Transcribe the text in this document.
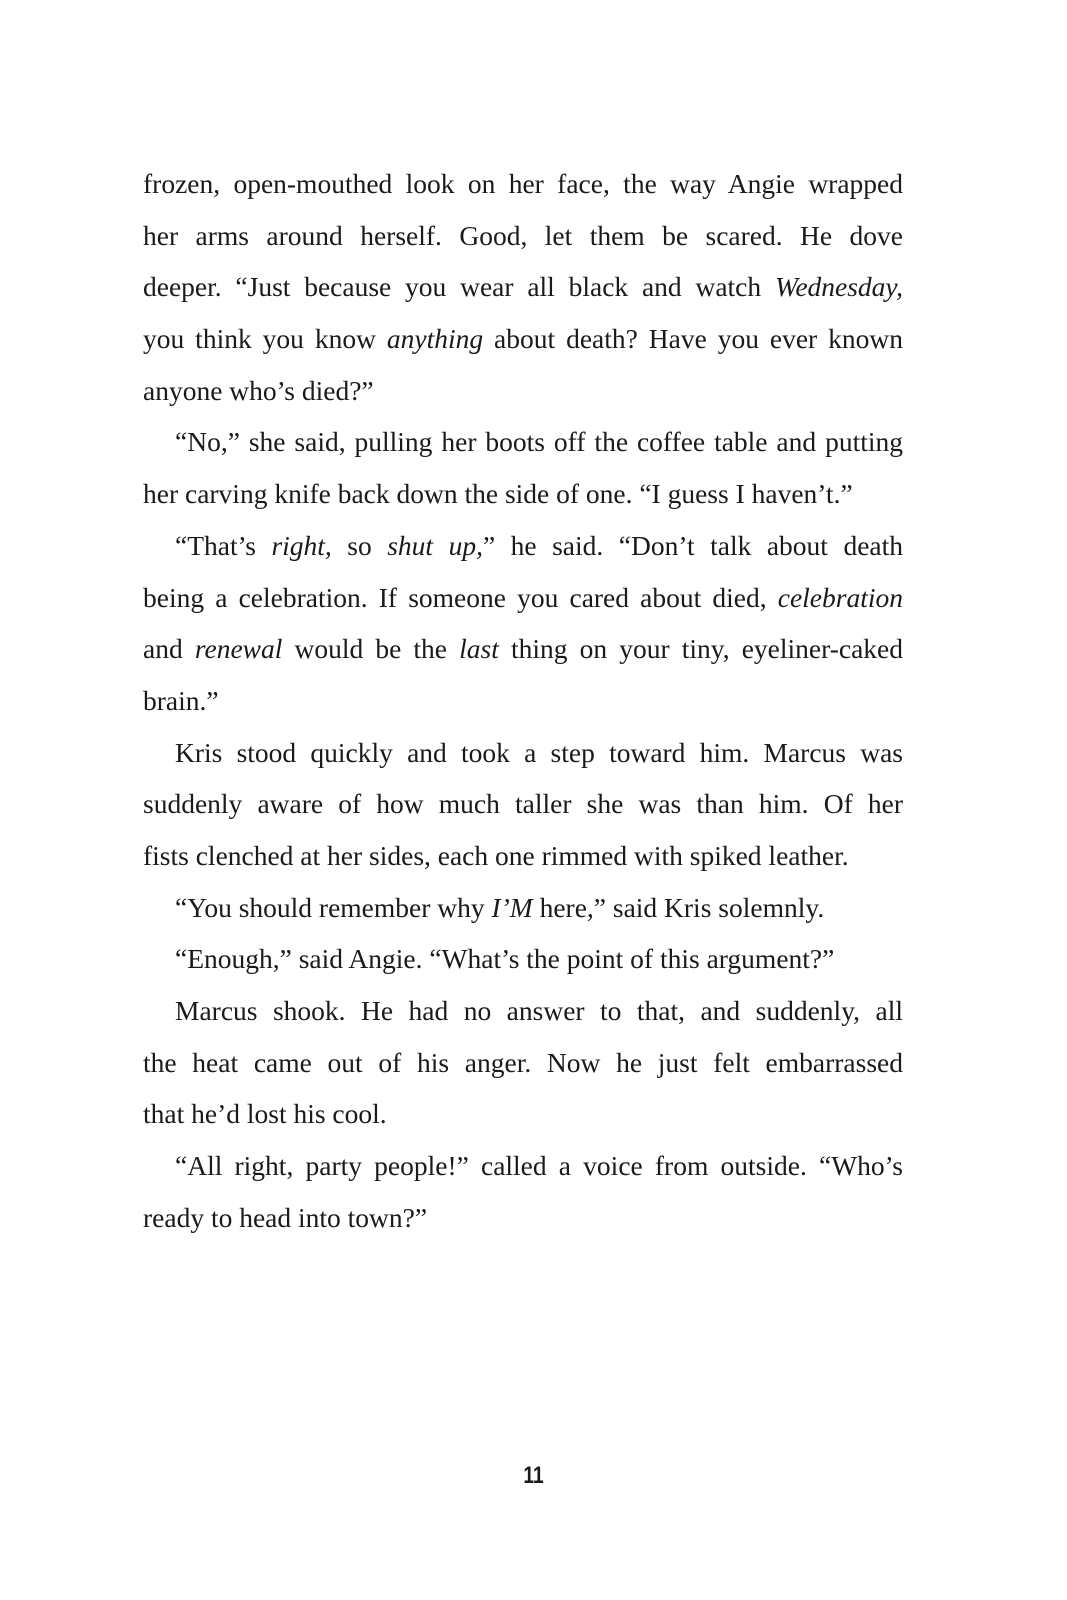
frozen, open-mouthed look on her face, the way Angie wrapped
her arms around herself. Good, let them be scared. He dove
deeper. “Just because you wear all black and watch Wednesday,
you think you know anything about death? Have you ever known
anyone who’s died?”
“No,” she said, pulling her boots off the coffee table and putting
her carving knife back down the side of one. “I guess I haven’t.”
“That’s right, so shut up,” he said. “Don’t talk about death
being a celebration. If someone you cared about died, celebration
and renewal would be the last thing on your tiny, eyeliner-caked
brain.”
Kris stood quickly and took a step toward him. Marcus was
suddenly aware of how much taller she was than him. Of her
fists clenched at her sides, each one rimmed with spiked leather.
“You should remember why I’M here,” said Kris solemnly.
“Enough,” said Angie. “What’s the point of this argument?”
Marcus shook. He had no answer to that, and suddenly, all
the heat came out of his anger. Now he just felt embarrassed
that he’d lost his cool.
“All right, party people!” called a voice from outside. “Who’s
ready to head into town?”
11
